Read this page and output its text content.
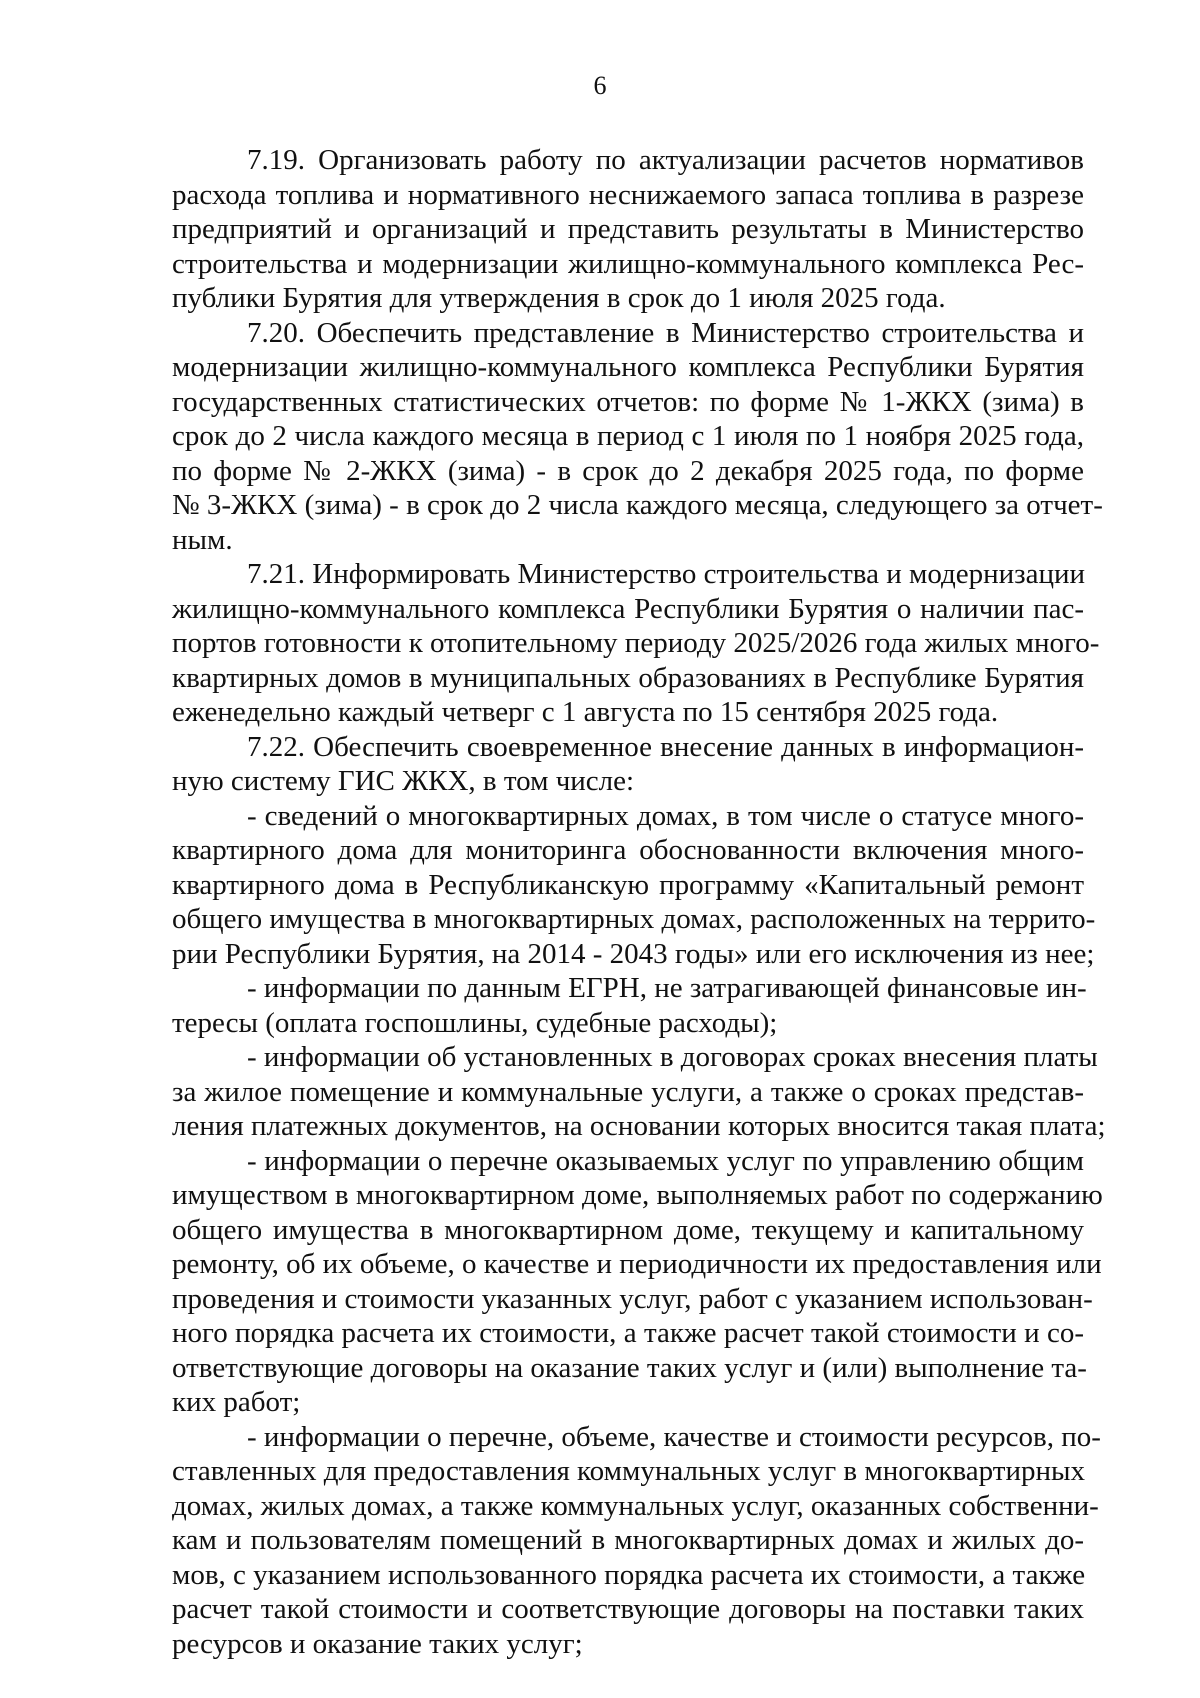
6
7.19. Организовать работу по актуализации расчетов нормативов
расхода топлива и нормативного неснижаемого запаса топлива в разрезе
предприятий и организаций и представить результаты в Министерство
строительства и модернизации жилищно-коммунального комплекса Рес-
публики Бурятия для утверждения в срок до 1 июля 2025 года.
7.20. Обеспечить представление в Министерство строительства и
модернизации жилищно-коммунального комплекса Республики Бурятия
государственных статистических отчетов: по форме № 1-ЖКХ (зима) в
срок до 2 числа каждого месяца в период с 1 июля по 1 ноября 2025 года,
по форме № 2-ЖКХ (зима) - в срок до 2 декабря 2025 года, по форме
№ 3-ЖКХ (зима) - в срок до 2 числа каждого месяца, следующего за отчет-
ным.
7.21. Информировать Министерство строительства и модернизации
жилищно-коммунального комплекса Республики Бурятия о наличии пас-
портов готовности к отопительному периоду 2025/2026 года жилых много-
квартирных домов в муниципальных образованиях в Республике Бурятия
еженедельно каждый четверг с 1 августа по 15 сентября 2025 года.
7.22. Обеспечить своевременное внесение данных в информацион-
ную систему ГИС ЖКХ, в том числе:
- сведений о многоквартирных домах, в том числе о статусе много-
квартирного дома для мониторинга обоснованности включения много-
квартирного дома в Республиканскую программу «Капитальный ремонт
общего имущества в многоквартирных домах, расположенных на террито-
рии Республики Бурятия, на 2014 - 2043 годы» или его исключения из нее;
- информации по данным ЕГРН, не затрагивающей финансовые ин-
тересы (оплата госпошлины, судебные расходы);
- информации об установленных в договорах сроках внесения платы
за жилое помещение и коммунальные услуги, а также о сроках представ-
ления платежных документов, на основании которых вносится такая плата;
- информации о перечне оказываемых услуг по управлению общим
имуществом в многоквартирном доме, выполняемых работ по содержанию
общего имущества в многоквартирном доме, текущему и капитальному
ремонту, об их объеме, о качестве и периодичности их предоставления или
проведения и стоимости указанных услуг, работ с указанием использован-
ного порядка расчета их стоимости, а также расчет такой стоимости и со-
ответствующие договоры на оказание таких услуг и (или) выполнение та-
ких работ;
- информации о перечне, объеме, качестве и стоимости ресурсов, по-
ставленных для предоставления коммунальных услуг в многоквартирных
домах, жилых домах, а также коммунальных услуг, оказанных собственни-
кам и пользователям помещений в многоквартирных домах и жилых до-
мов, с указанием использованного порядка расчета их стоимости, а также
расчет такой стоимости и соответствующие договоры на поставки таких
ресурсов и оказание таких услуг;
